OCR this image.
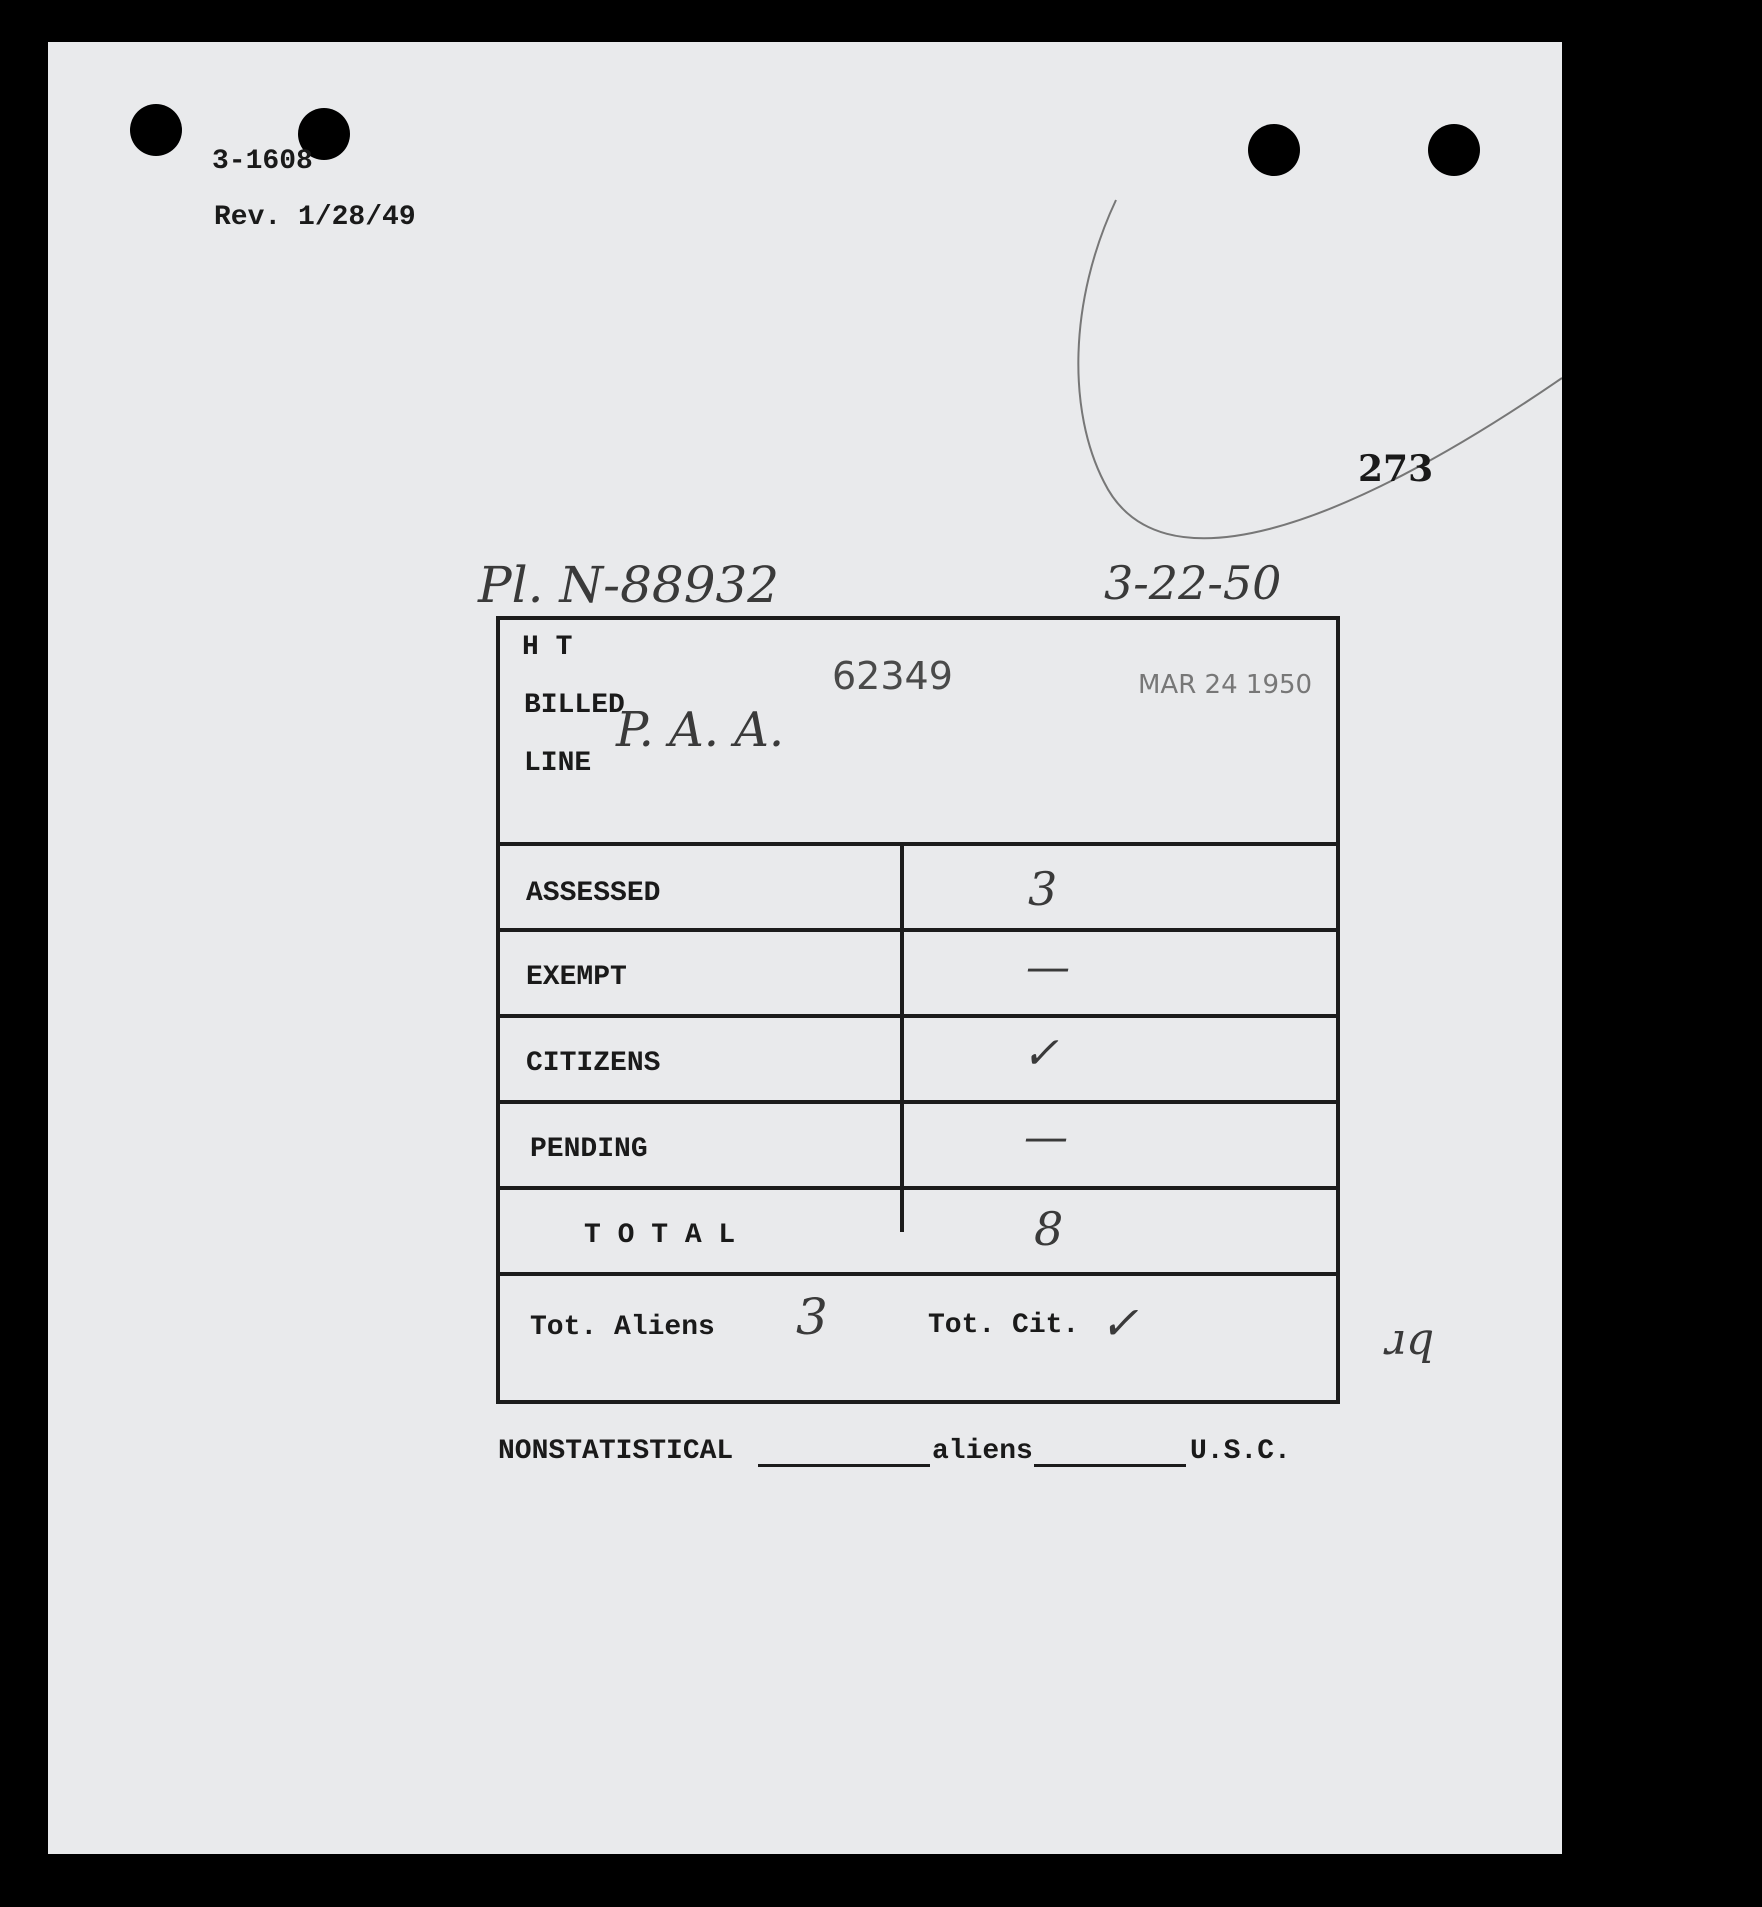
3-1608
Rev. 1/28/49
273
Pl. N-88932	3-22-50
H T
BILLED
LINE
P. A. A.
62349	MAR 24 1950
ASSESSED	3
EXEMPT	—
CITIZENS	✓
PENDING	—
T O T A L	8
Tot. Aliens 3	Tot. Cit. ✓	ɹq
NONSTATISTICAL	aliens	U.S.C.
